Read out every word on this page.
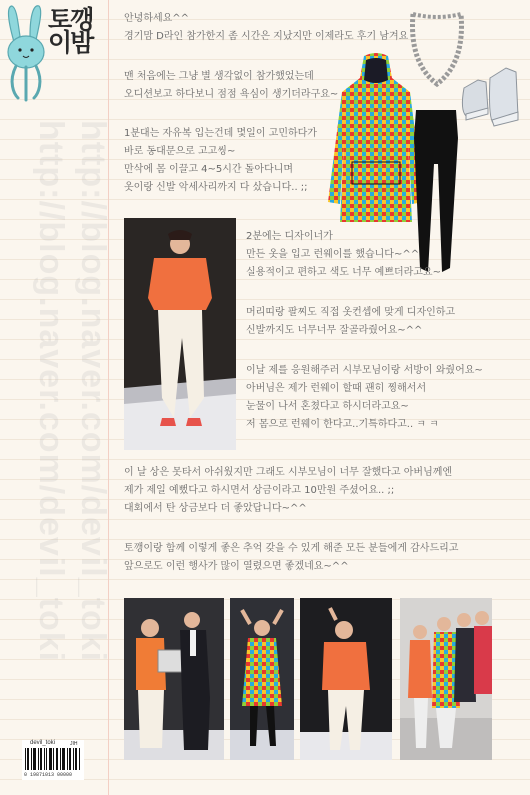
http://blog.naver.com/devil_toki http://blog.naver.com/devil_toki
토깽
이밤

안녕하세요^^

경기맘 D라인 참가한지 좀 시간은 지났지만 이제라도 후기 남겨요

맨 처음에는 그냥 별 생각없이 참가했었는데

오디션보고 하다보니 점점 욕심이 생기더라구요~

1분대는 자유복 입는건데 몇일이 고민하다가

바로 동대문으로 고고씽~

만삭에 몸 이끌고 4~5시간 돌아다니며

옷이랑 신발 악세사리까지 다 샀습니다.. ;;

2분에는 디자이너가

만든 옷을 입고 런웨이를 했습니다~^^

실용적이고 편하고 색도 너무 예쁘더라고요~

머리띠랑 팔찌도 직접 옷컨셉에 맞게 디자인하고

신발까지도 너무너무 잘골라줬어요~^^

이날 제를 응원해주러 시부모님이랑 서방이 와줬어요~

아버님은 제가 런웨이 할때 괜히 찡해서서

눈물이 나서 혼쳤다고 하시더라고요~

저 몸으로 런웨이 한다고..기특하다고.. ㅋ ㅋ

이 날 상은 못타서 아쉬웠지만 그래도 시부모님이 너무 잘했다고 아버님께엔

제가 제일 예뻤다고 하시면서 상금이라고 10만원 주셨어요.. ;;

대회에서 탄 상금보다 더 좋았답니다~^^

토깽이랑 함께 이렇게 좋은 추억 갖을 수 있게 해준 모든 분들에게 감사드리고

앞으로도 이런 행사가 많이 열렸으면 좋겠네요~^^

devil_toki	JIH
0 19871013 00000
